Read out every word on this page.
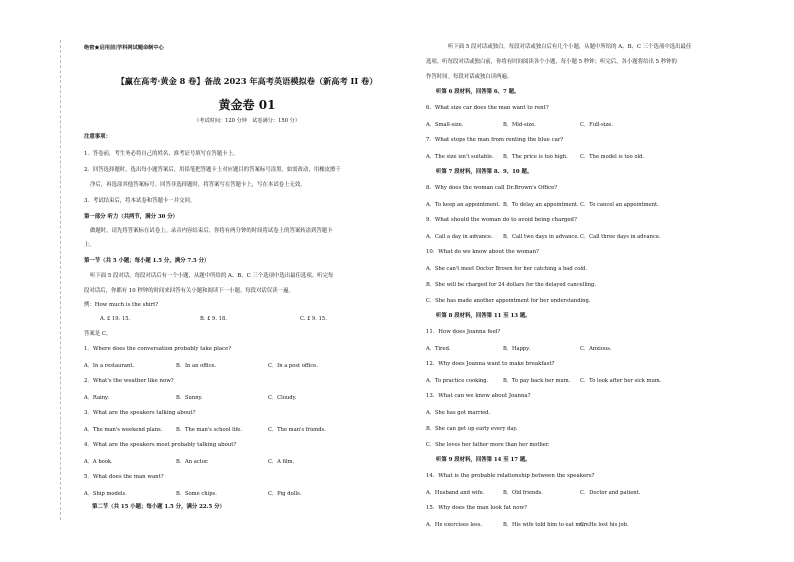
绝密★启用前|学科网试题命制中心
【赢在高考·黄金 8 卷】备战 2023 年高考英语模拟卷（新高考 II 卷）
黄金卷 01
（考试时间：120 分钟　试卷满分：150 分）
注意事项：
1．答卷前，考生务必将自己的姓名、准考证号填写在答题卡上。
2．回答选择题时，选出每小题答案后，用铅笔把答题卡上对应题目的答案标号涂黑。如需改动，用橡皮擦干
净后，再选涂其他答案标号。回答非选择题时，将答案写在答题卡上，写在本试卷上无效。
3．考试结束后，将本试卷和答题卡一并交回。
第一部分 听力（共两节，满分 30 分）
做题时，请先将答案标在试卷上。录音内容结束后，你将有两分钟的时间将试卷上的答案转涂到答题卡
上。
第一节（共 5 小题；每小题 1.5 分，满分 7.5 分）
听下面 5 段对话。每段对话后有一个小题，从题中所给的 A、B、C 三个选项中选出最佳选项。听完每
段对话后，你都有 10 秒钟的时间来回答有关小题和阅读下一小题。每段对话仅读一遍。
例：How much is the shirt?
A. £ 19. 15.	B. £ 9. 18.	C. £ 9. 15.
答案是 C。
1．Where does the conversation probably take place?
A．In a restaurant.	B．In an office.	C．In a post office.
2．What's the weather like now?
A．Rainy.	B．Sunny.	C．Cloudy.
3．What are the speakers talking about?
A．The man's weekend plans.	B．The man's school life.	C．The man's friends.
4．What are the speakers most probably talking about?
A．A book.	B．An actor.	C．A film.
5．What does the man want?
A．Ship models.	B．Some chips.	C．Pig dolls.
第二节（共 15 小题；每小题 1.5 分，满分 22.5 分）
听下面 5 段对话或独白。每段对话或独白后有几个小题，从题中所给的 A、B、C 三个选项中选出最佳
选项。听每段对话或独白前，你将有时间阅读各个小题，每小题 5 秒钟；听完后，各小题将给出 5 秒钟的
作答时间。每段对话或独白读两遍。
听第 6 段材料，回答第 6、7 题。
6．What size car does the man want to rent?
A．Small-size.	B．Mid-size.	C．Full-size.
7．What stops the man from renting the blue car?
A．The size isn't suitable. B．The price is too high. C．The model is too old.
听第 7 段材料，回答第 8、9、10 题。
8．Why does the woman call Dr.Brown's Office?
A．To keep an appointment. B．To delay an appointment. C．To cancel an appointment.
9．What should the woman do to avoid being charged?
A．Call a day in advance. B．Call two days in advance. C．Call three days in advance.
10．What do we know about the woman?
A．She can't meet Doctor Brown for her catching a bad cold.
B．She will be charged for 24 dollars for the delayed cancelling.
C．She has made another appointment for her understanding.
听第 8 段材料，回答第 11 至 13 题。
11．How does Joanna feel?
A．Tired.	B．Happy.	C．Anxious.
12．Why does Joanna want to make breakfast?
A．To practice cooking.	B．To pay back her mum. C．To look after her sick mum.
13．What can we know about Joanna?
A．She has got married.
B．She can get up early every day.
C．She loves her father more than her mother.
听第 9 段材料，回答第 14 至 17 题。
14．What is the probable relationship between the speakers?
A．Husband and wife.	B．Old friends.	C．Doctor and patient.
15．Why does the man look fat now?
A．He exercises less.	B．His wife told him to eat more.
C．He lost his job.
